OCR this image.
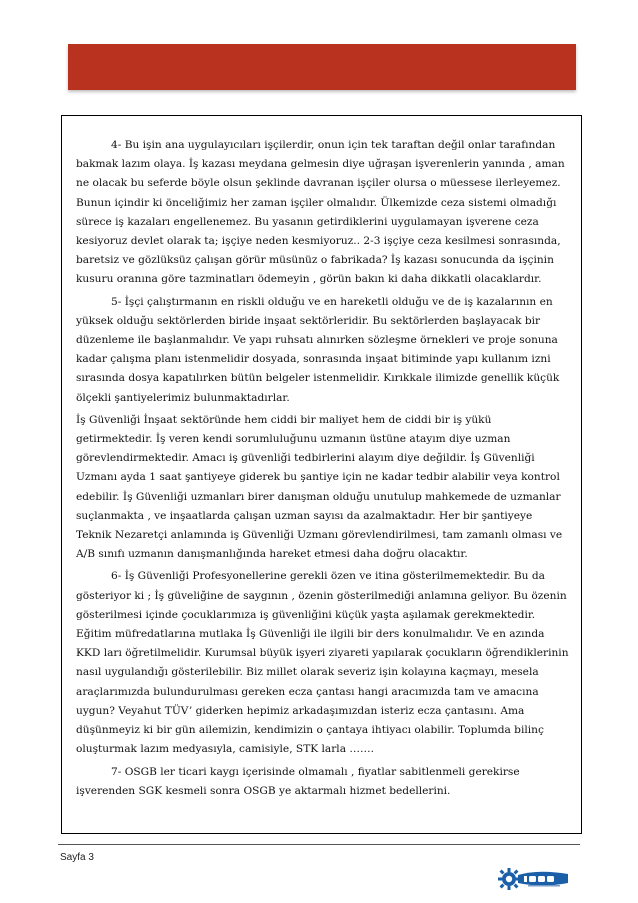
4- Bu işin ana uygulayıcıları işçilerdir, onun için tek taraftan değil onlar tarafından bakmak lazım olaya. İş kazası meydana gelmesin diye uğraşan işverenlerin yanında , aman ne olacak bu seferde böyle olsun şeklinde davranan işçiler olursa o müessese ilerleyemez. Bunun içindir ki önceliğimiz her zaman işçiler olmalıdır. Ülkemizde ceza sistemi olmadığı sürece iş kazaları engellenemez. Bu yasanın getirdiklerini uygulamayan işverene ceza kesiyoruz devlet olarak ta; işçiye neden kesmiyoruz.. 2-3 işçiye ceza kesilmesi sonrasında, baretsiz ve gözlüksüz çalışan görür müsünüz o fabrikada? İş kazası sonucunda da işçinin kusuru oranına göre tazminatları ödemeyin , görün bakın ki daha dikkatli olacaklardır.

5- İşçi çalıştırmanın en riskli olduğu ve en hareketli olduğu ve de iş kazalarının en yüksek olduğu sektörlerden biride inşaat sektörleridir. Bu sektörlerden başlayacak bir düzenleme ile başlanmalıdır. Ve yapı ruhsatı alınırken sözleşme örnekleri ve proje sonuna kadar çalışma planı istenmelidir dosyada, sonrasında inşaat bitiminde yapı kullanım izni sırasında dosya kapatılırken bütün belgeler istenmelidir. Kırıkkale ilimizde genellik küçük ölçekli şantiyelerimiz bulunmaktadırlar.

İş Güvenliği İnşaat sektöründe hem ciddi bir maliyet hem de ciddi bir iş yükü getirmektedir. İş veren kendi sorumluluğunu uzmanın üstüne atayım diye uzman görevlendirmektedir. Amacı iş güvenliği tedbirlerini alayım diye değildir. İş Güvenliği Uzmanı ayda 1 saat şantiyeye giderek bu şantiye için ne kadar tedbir alabilir veya kontrol edebilir. İş Güvenliği uzmanları birer danışman olduğu unutulup mahkemede de uzmanlar suçlanmakta , ve inşaatlarda çalışan uzman sayısı da azalmaktadır. Her bir şantiyeye Teknik Nezaretçi anlamında iş Güvenliği Uzmanı görevlendirilmesi, tam zamanlı olması ve A/B sınıfı uzmanın danışmanlığında hareket etmesi daha doğru olacaktır.

6- İş Güvenliği Profesyonellerine gerekli özen ve itina gösterilmemektedir. Bu da gösteriyor ki ; İş güveliğine de saygının , özenin gösterilmediği anlamına geliyor. Bu özenin gösterilmesi içinde çocuklarımıza iş güvenliğini küçük yaşta aşılamak gerekmektedir. Eğitim müfredatlarına mutlaka İş Güvenliği ile ilgili bir ders konulmalıdır. Ve en azında KKD ları öğretilmelidir. Kurumsal büyük işyeri ziyareti yapılarak çocukların öğrendiklerinin nasıl uygulandığı gösterilebilir. Biz millet olarak severiz işin kolayına kaçmayı, mesela araçlarımızda bulundurulması gereken ecza çantası hangi aracımızda tam ve amacına uygun? Veyahut TÜV’ giderken hepimiz arkadaşımızdan isteriz ecza çantasını. Ama düşünmeyiz ki bir gün ailemizin, kendimizin o çantaya ihtiyacı olabilir. Toplumda bilinç oluşturmak lazım medyasıyla, camisiyle, STK larla …….

7- OSGB ler ticari kaygı içerisinde olmamalı , fiyatlar sabitlenmeli gerekirse işverenden SGK kesmeli sonra OSGB ye aktarmalı hizmet bedellerini.

Sayfa 3
